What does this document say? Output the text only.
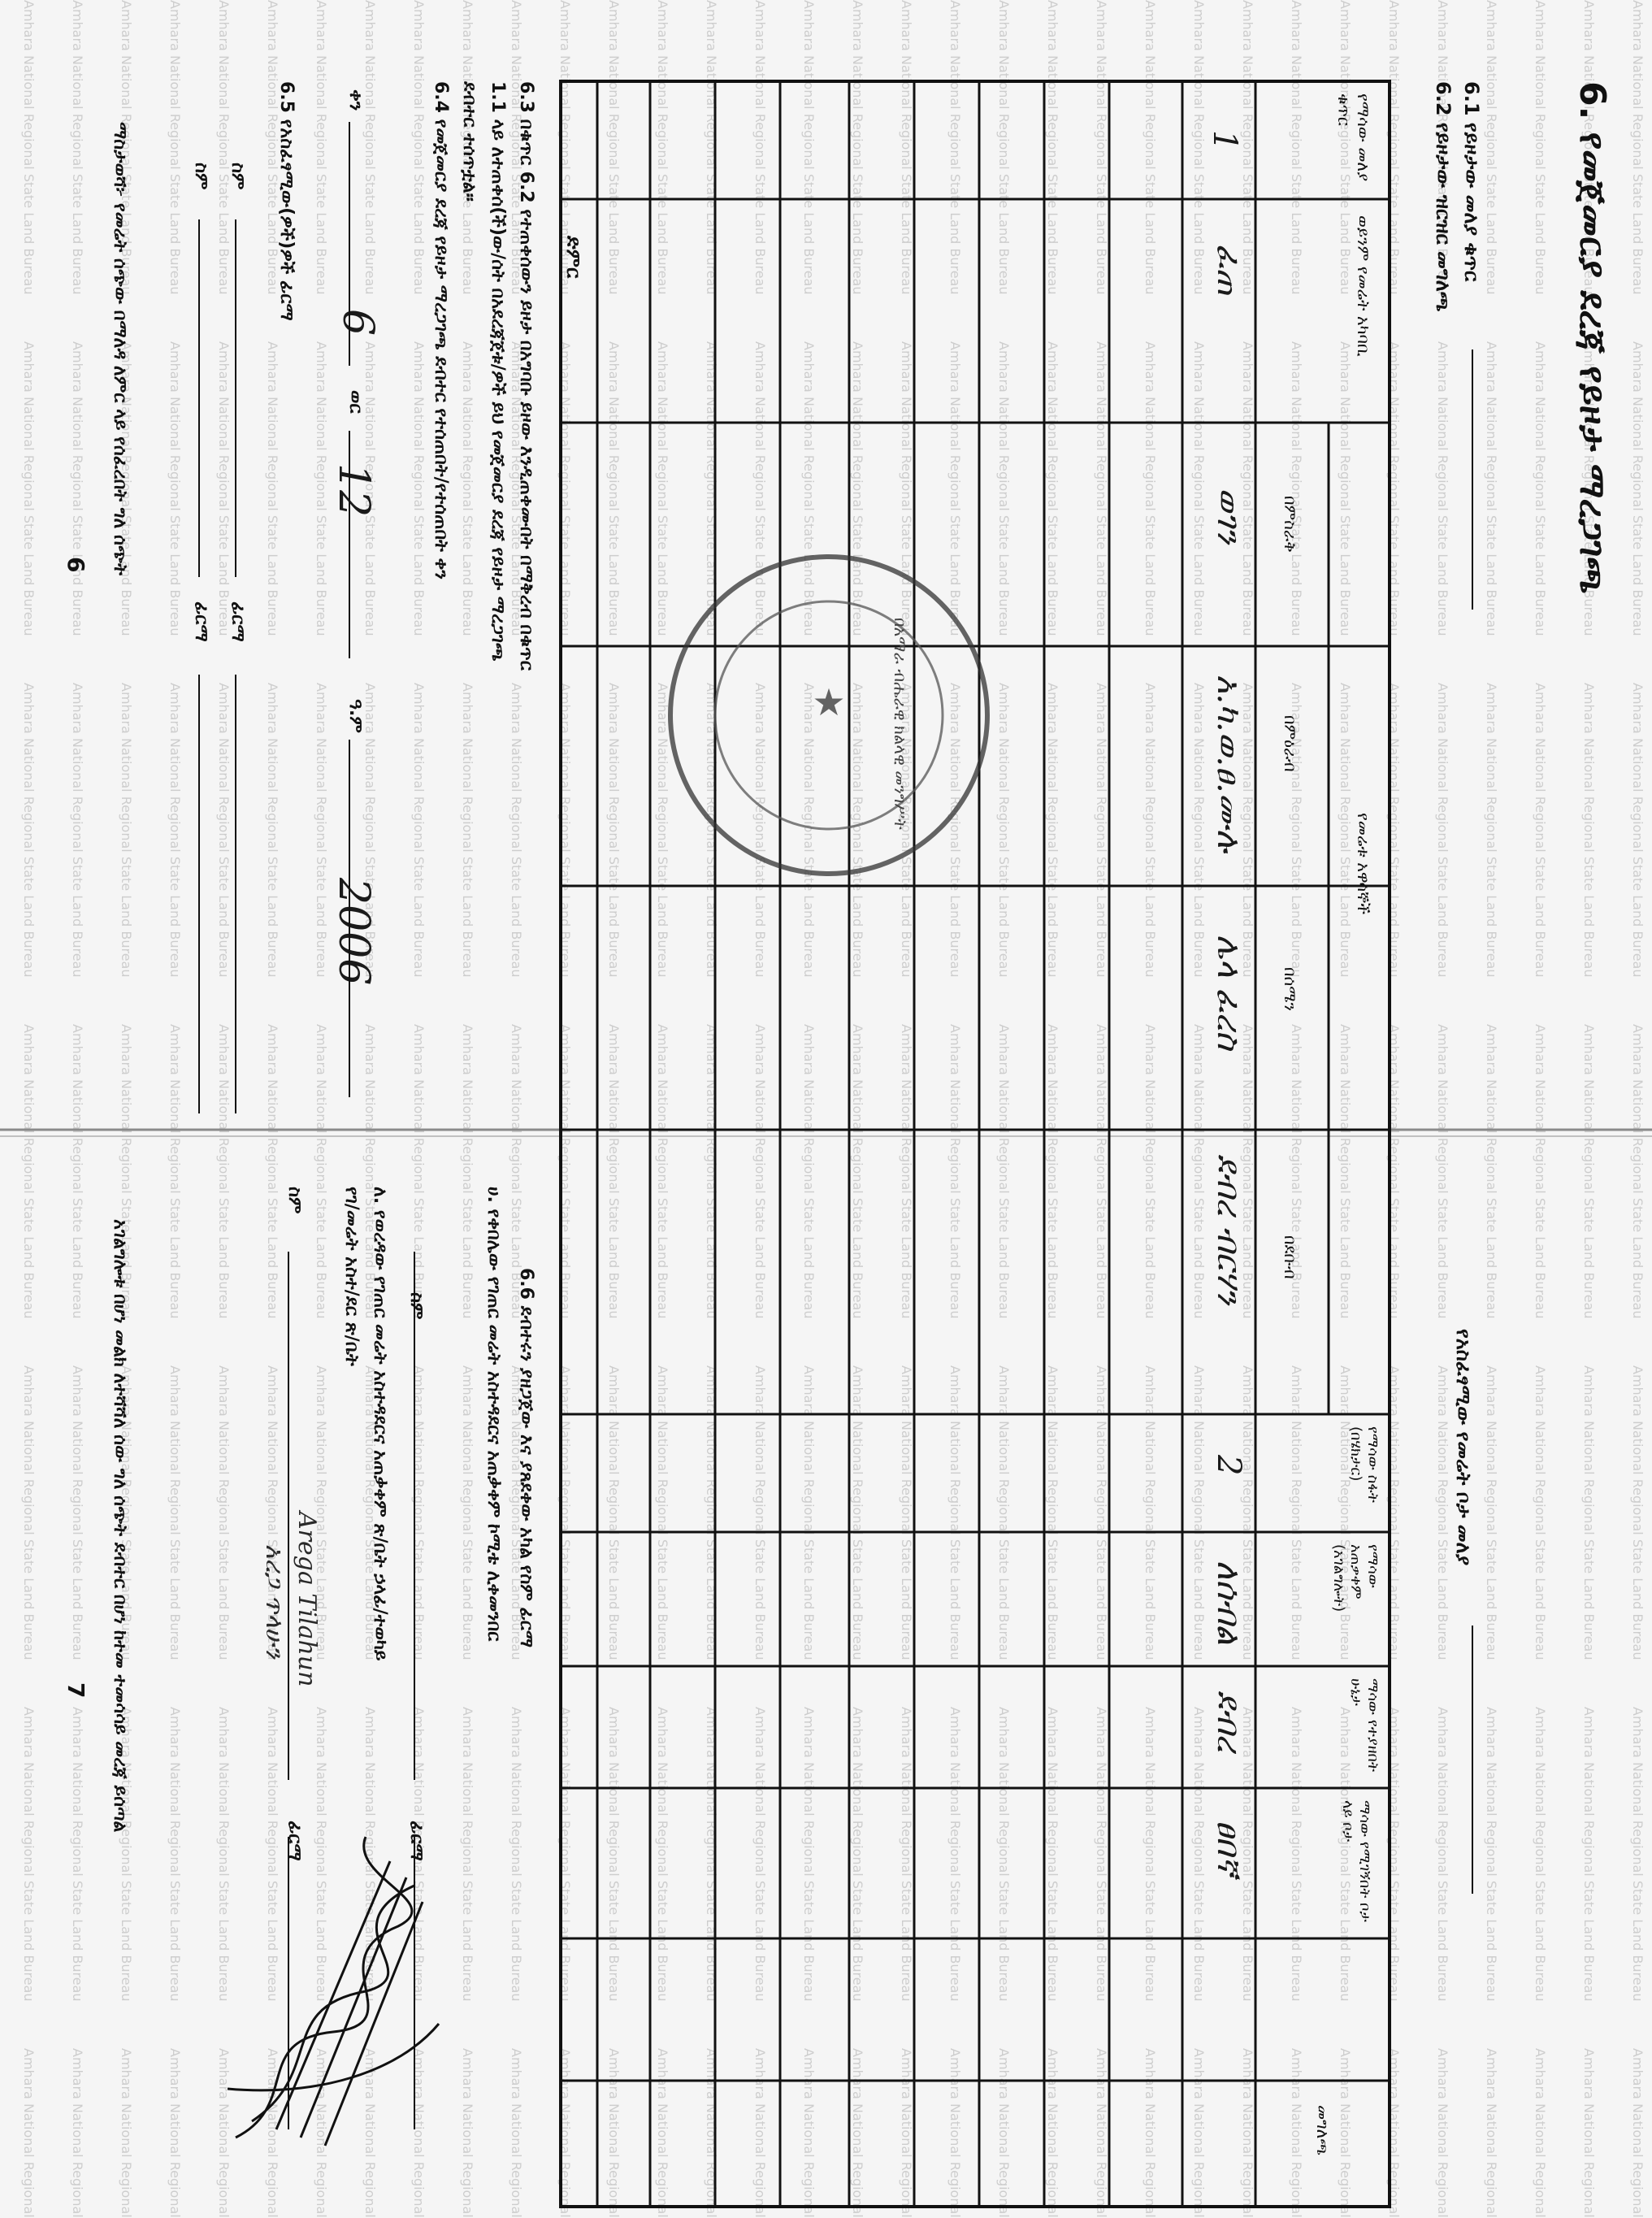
★
የማሳው መለያ ቁጥር
ወይንም የመሬት አካባቢ
የመሬቱ አዋሳኞች
በምስራቅ
በምዕራብ
በሰሜን
በደቡብ
የማሳው ስፋት (በሄክታር)
የማሳው አጠቃቀም (አገልግሎት)
ማሳው የተያዘበት ሁኔታ
ማሳው የሚገኝበት ቦታ ላይ ቦታ
መግለጫ
1
ፈጠ
ወገን
አ.ካ.ወ.ፀ.ሙሉ
ሌላ ፈረስ
ደብረ ብርሃን
2
ለሰብል
ደብረ
ፀበኛ
ድምር	6. የመጀመርያ ደረጃ የይዞታ ማረጋገጫ
6.1 የይዞታው መለያ ቁጥር
6.2 የይዞታው ዝርዝር መግለጫ
የአስፈፃሚው የመሬት ቦታ መለያ
6.3 በቁጥር 6.2 የተጠቀሰውን ይዞታ በአግባቡ ይዞው እንዲጠቀሙበት በማቅረብ በቁጥር
1.1 ላይ ለተጠቀሰ(ች)ው/ሰት በአደረጃጀቱ/ዎች ይህ የመጀመርያ ደረጃ የይዞታ ማረጋገጫ
ደብተር ተሰጥቷል።
6.4 የመጀመርያ ደረጃ የይዞታ ማረጋገጫ ደብተር የተሰጠበት/የተሰጠበት ቀን
ቀን
6
ወር
12
ዓ.ም
2006
6.5 የአስፈፃሚው(ዎች)ዎች ፊርማ
ስም
ፊርማ
ስም
ፊርማ
ማስታወሻ፦ የመሬት ሰጭው በማለዳ ለምር ላይ የሰፈረበት ግለ ሰጭት
6
6.6 ደብተሩን ያዘጋጀው እና ያጸደቀው አካል የስም ፊርማ
ሀ. የቀበሌው የገጠር መሬት አስተዳደርና አጠቃቀም ኮሚቴ ሊቀመንበር
ስም
ፊርማ
ለ. የወረዳው የገጠር መሬት አስተዳደርና አጠቃቀም ጽ/ቤት ኃላፊ/ተወካይ
የገ/መሬት አስተ/ደር ጽ/ቤት
ስም
ፊርማ
Arega Tilahun
አረጋ ጥላሁን
አገልግሎቱ በሆነ መልክ ለተሻሻለ ሰው ግለ ሰጭት ደብተር በሆነ ከተመ ተመሳሳይ መረጃ ይሰጣል
7
በአማራ ብሔራዊ ክልላዊ መንግሥት
